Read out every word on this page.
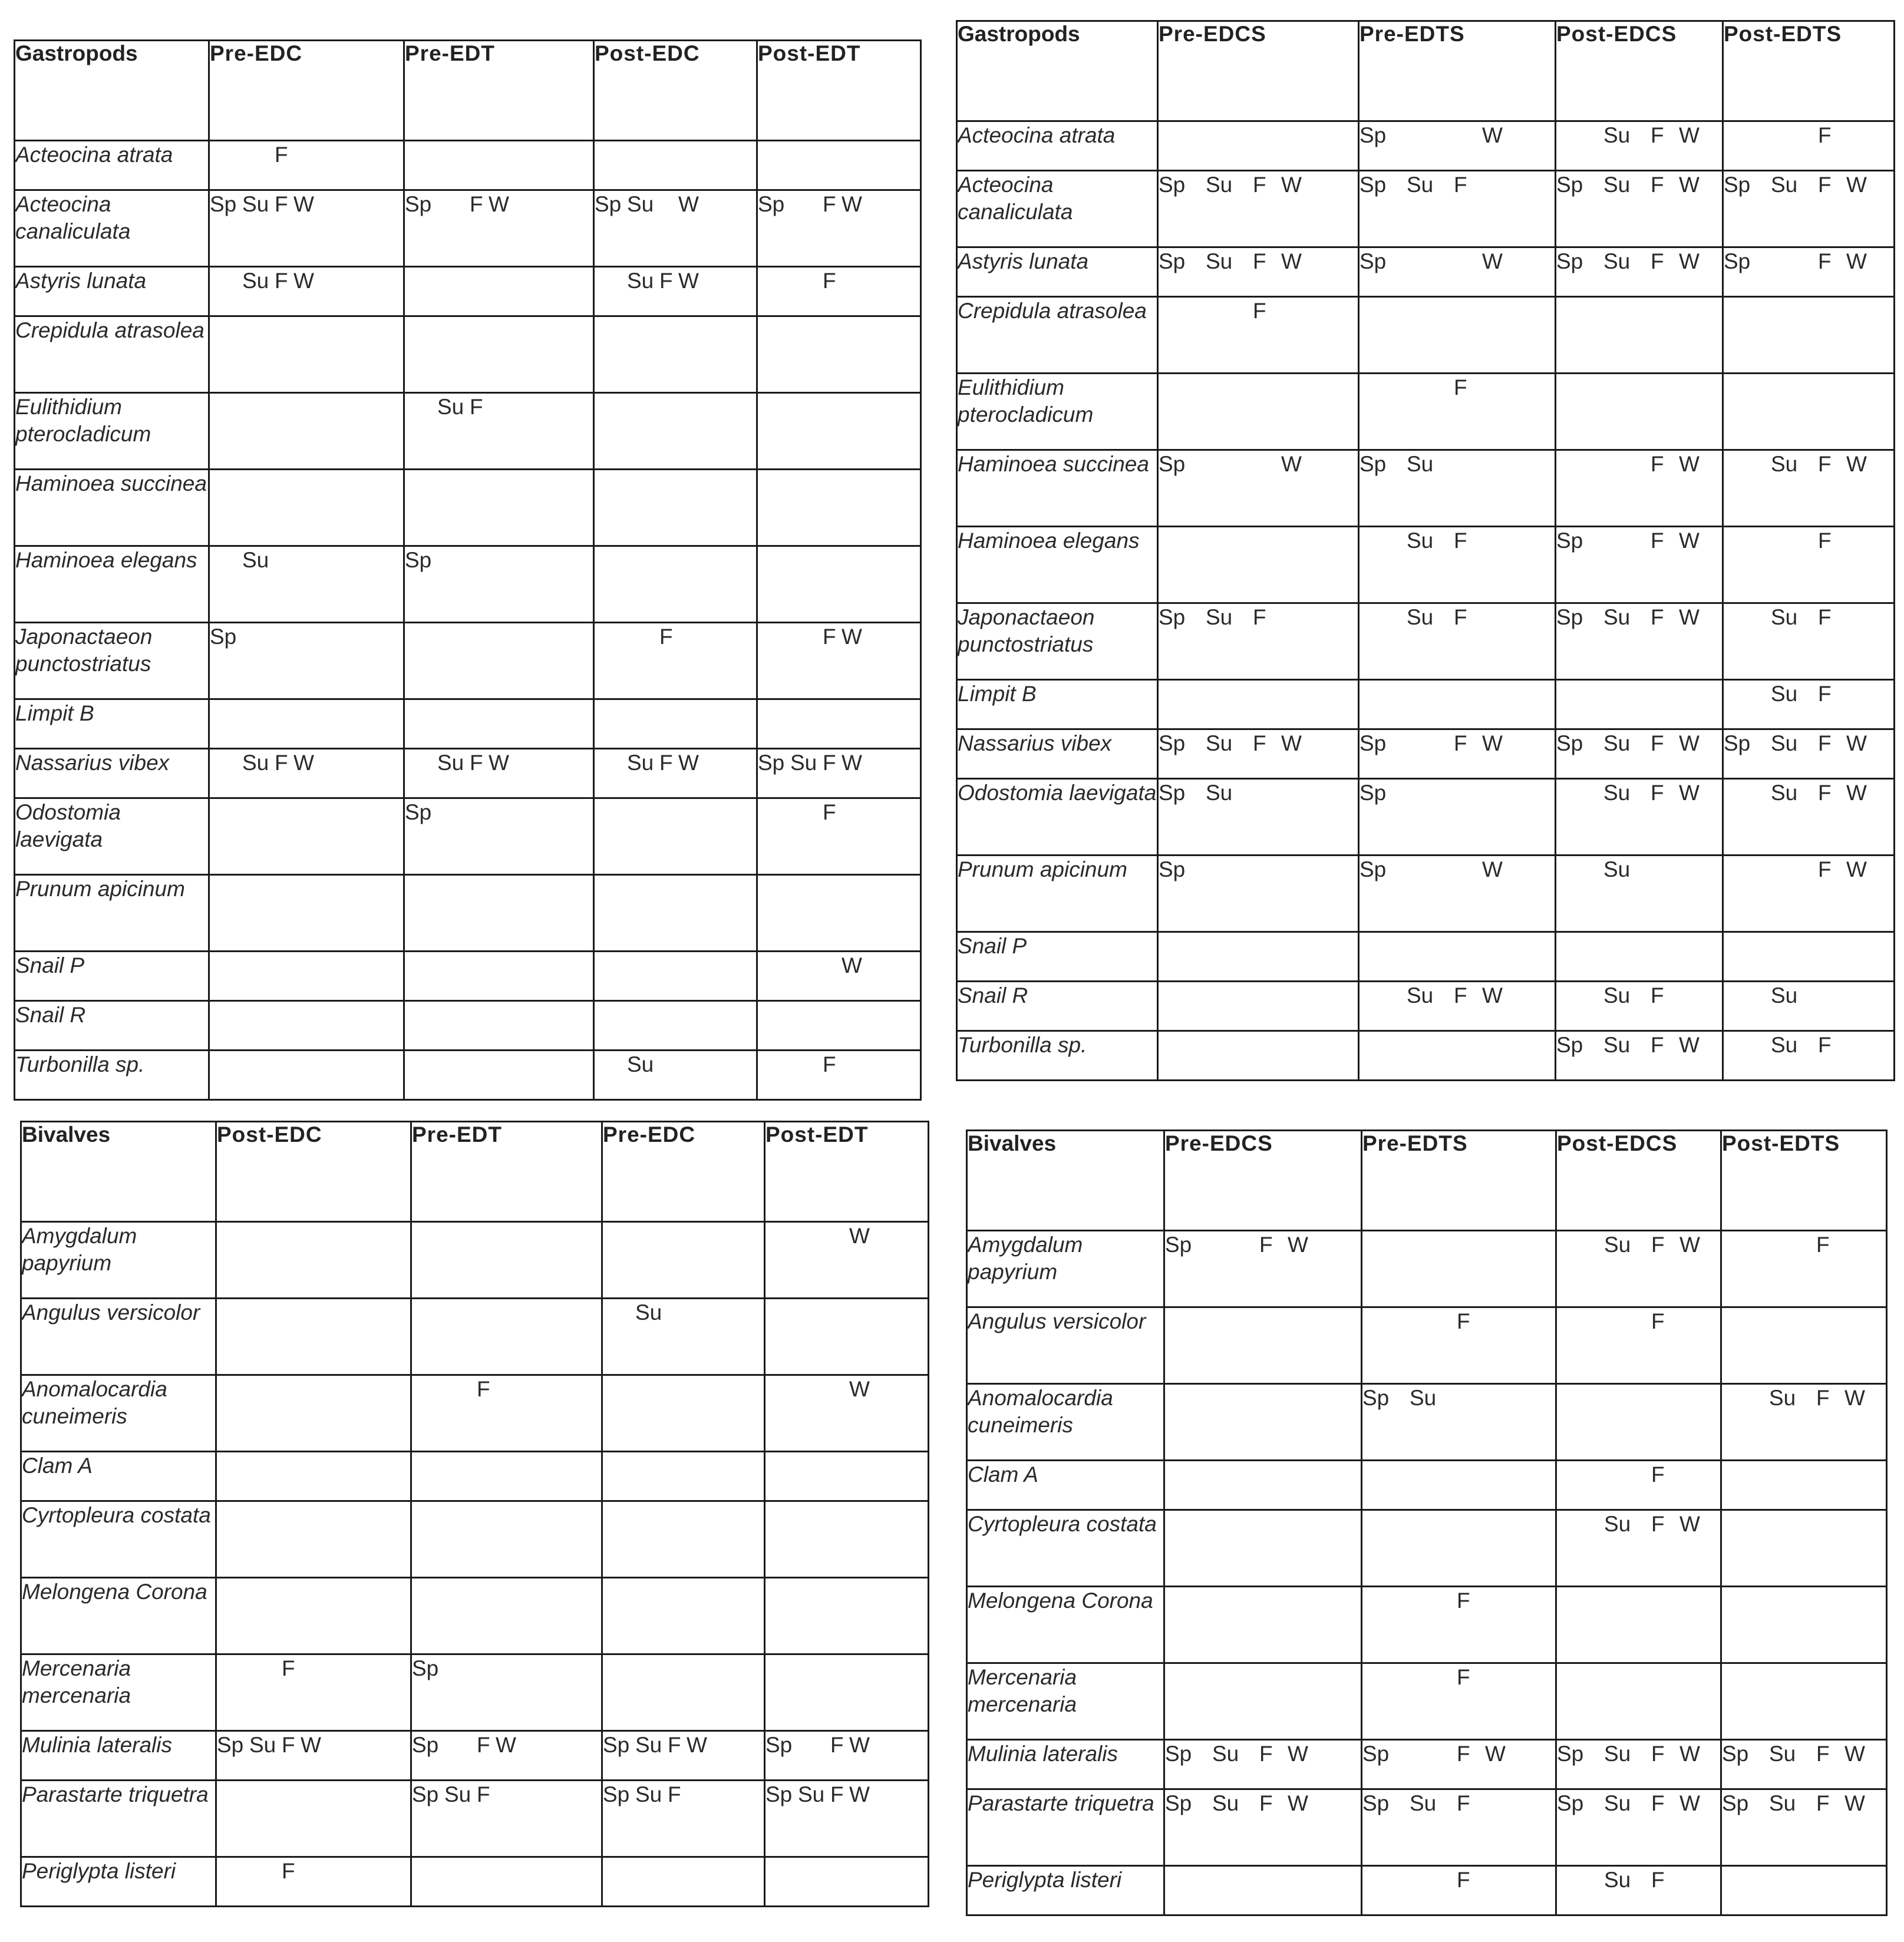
Gastropods	Pre-EDC	Pre-EDT	Post-EDC	Post-EDT
Acteocina atrata	F			
Acteocina canaliculata	Sp Su F W	Sp F W	Sp Su W	Sp F W
Astyris lunata	Su F W		Su F W	F
Crepidula atrasolea				
Eulithidium pterocladicum		Su F		
Haminoea succinea				
Haminoea elegans	Su	Sp		
Japonactaeon punctostriatus	Sp		F	F W
Limpit B				
Nassarius vibex	Su F W	Su F W	Su F W	Sp Su F W
Odostomia laevigata		Sp		F
Prunum apicinum				
Snail P				W
Snail R				
Turbonilla sp.			Su	F
Gastropods	Pre-EDCS	Pre-EDTS	Post-EDCS	Post-EDTS
Acteocina atrata		Sp W	Su F W	F
Acteocina canaliculata	Sp Su F W	Sp Su F	Sp Su F W	Sp Su F W
Astyris lunata	Sp Su F W	Sp W	Sp Su F W	Sp F W
Crepidula atrasolea	F			
Eulithidium pterocladicum		F		
Haminoea succinea	Sp W	Sp Su	F W	Su F W
Haminoea elegans		Su F	Sp F W	F
Japonactaeon punctostriatus	Sp Su F	Su F	Sp Su F W	Su F
Limpit B				Su F
Nassarius vibex	Sp Su F W	Sp F W	Sp Su F W	Sp Su F W
Odostomia laevigata	Sp Su	Sp	Su F W	Su F W
Prunum apicinum	Sp	Sp W	Su	F W
Snail P				
Snail R		Su F W	Su F	Su
Turbonilla sp.			Sp Su F W	Su F
Bivalves	Post-EDC	Pre-EDT	Pre-EDC	Post-EDT
Amygdalum papyrium				W
Angulus versicolor			Su	
Anomalocardia cuneimeris		F		W
Clam A				
Cyrtopleura costata				
Melongena Corona				
Mercenaria mercenaria	F	Sp		
Mulinia lateralis	Sp Su F W	Sp F W	Sp Su F W	Sp F W
Parastarte triquetra		Sp Su F	Sp Su F	Sp Su F W
Periglypta listeri	F			
Bivalves	Pre-EDCS	Pre-EDTS	Post-EDCS	Post-EDTS
Amygdalum papyrium	Sp F W		Su F W	F
Angulus versicolor		F	F	
Anomalocardia cuneimeris		Sp Su		Su F W
Clam A			F	
Cyrtopleura costata			Su F W	
Melongena Corona		F		
Mercenaria mercenaria		F		
Mulinia lateralis	Sp Su F W	Sp F W	Sp Su F W	Sp Su F W
Parastarte triquetra	Sp Su F W	Sp Su F	Sp Su F W	Sp Su F W
Periglypta listeri		F	Su F	
